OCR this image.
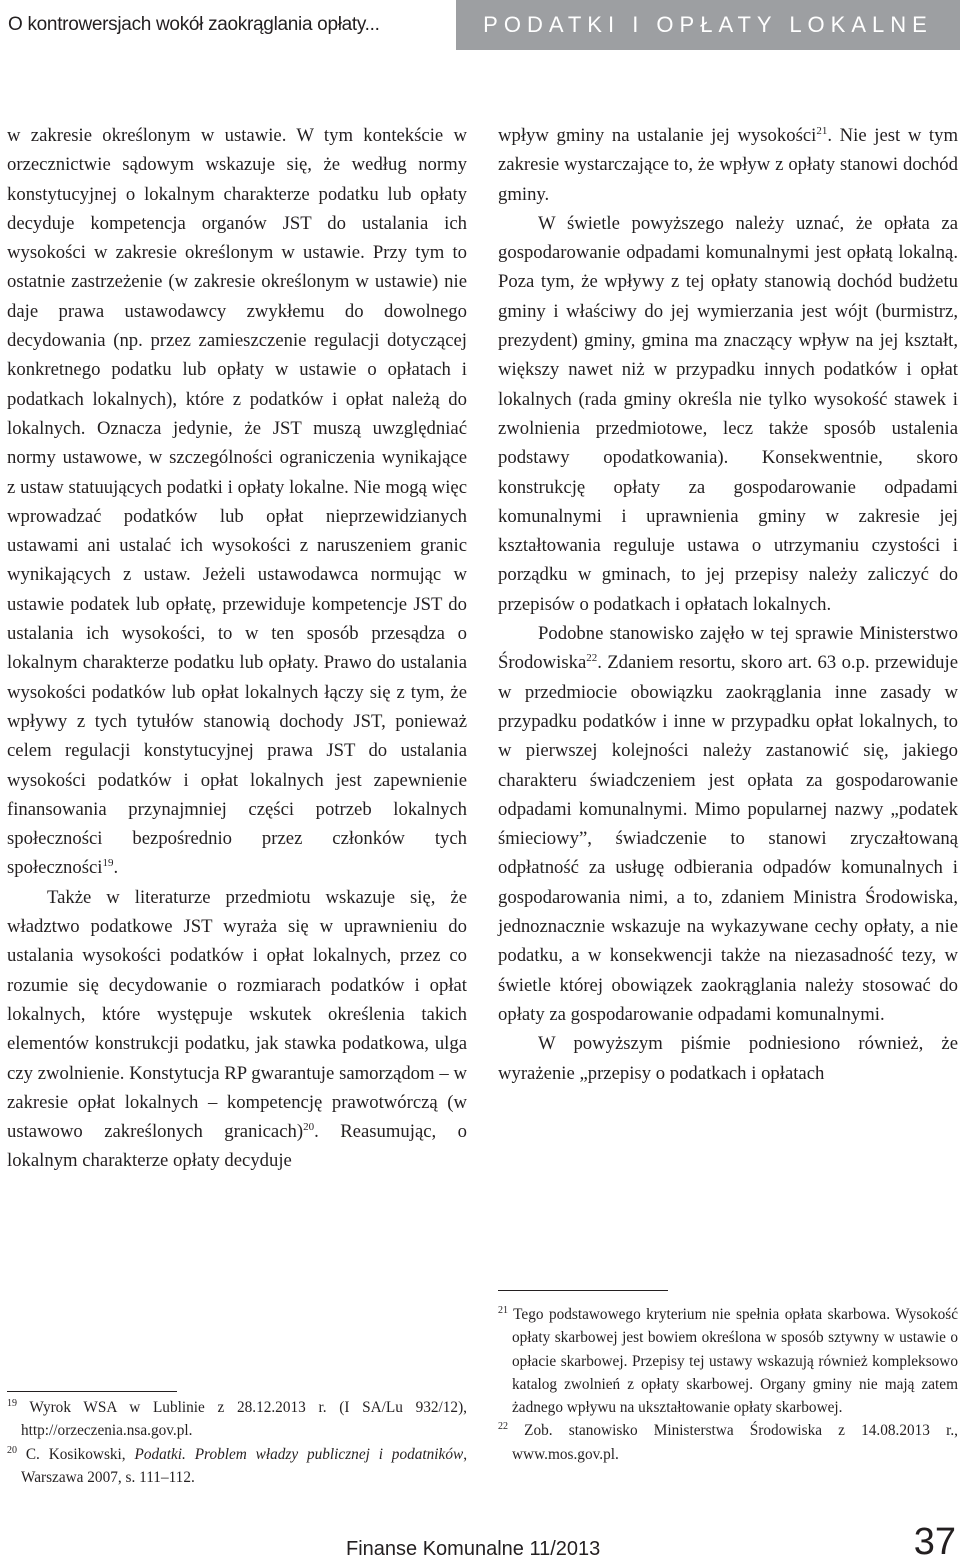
O kontrowersjach wokół zaokrąglania opłaty...	PODATKI I OPŁATY LOKALNE

w zakresie określonym w ustawie. W tym kontekście w orzecznictwie sądowym wskazuje się, że według normy konstytucyjnej o lokalnym charakterze podatku lub opłaty decyduje kompetencja organów JST do ustalania ich wysokości w zakresie określonym w ustawie. Przy tym to ostatnie zastrzeżenie (w zakresie określonym w ustawie) nie daje prawa ustawodawcy zwykłemu do dowolnego decydowania (np. przez zamieszczenie regulacji dotyczącej konkretnego podatku lub opłaty w ustawie o opłatach i podatkach lokalnych), które z podatków i opłat należą do lokalnych. Oznacza jedynie, że JST muszą uwzględniać normy ustawowe, w szczególności ograniczenia wynikające z ustaw statuujących podatki i opłaty lokalne. Nie mogą więc wprowadzać podatków lub opłat nieprzewidzianych ustawami ani ustalać ich wysokości z naruszeniem granic wynikających z ustaw. Jeżeli ustawodawca normując w ustawie podatek lub opłatę, przewiduje kompetencje JST do ustalania ich wysokości, to w ten sposób przesądza o lokalnym charakterze podatku lub opłaty. Prawo do ustalania wysokości podatków lub opłat lokalnych łączy się z tym, że wpływy z tych tytułów stanowią dochody JST, ponieważ celem regulacji konstytucyjnej prawa JST do ustalania wysokości podatków i opłat lokalnych jest zapewnienie finansowania przynajmniej części potrzeb lokalnych społeczności bezpośrednio przez członków tych społeczności$^{19}$.

Także w literaturze przedmiotu wskazuje się, że władztwo podatkowe JST wyraża się w uprawnieniu do ustalania wysokości podatków i opłat lokalnych, przez co rozumie się decydowanie o rozmiarach podatków i opłat lokalnych, które występuje wskutek określenia takich elementów konstrukcji podatku, jak stawka podatkowa, ulga czy zwolnienie. Konstytucja RP gwarantuje samorządom – w zakresie opłat lokalnych – kompetencję prawotwórczą (w ustawowo zakreślonych granicach)$^{20}$. Reasumując, o lokalnym charakterze opłaty decyduje

wpływ gminy na ustalanie jej wysokości$^{21}$. Nie jest w tym zakresie wystarczające to, że wpływ z opłaty stanowi dochód gminy.

W świetle powyższego należy uznać, że opłata za gospodarowanie odpadami komunalnymi jest opłatą lokalną. Poza tym, że wpływy z tej opłaty stanowią dochód budżetu gminy i właściwy do jej wymierzania jest wójt (burmistrz, prezydent) gminy, gmina ma znaczący wpływ na jej kształt, większy nawet niż w przypadku innych podatków i opłat lokalnych (rada gminy określa nie tylko wysokość stawek i zwolnienia przedmiotowe, lecz także sposób ustalenia podstawy opodatkowania). Konsekwentnie, skoro konstrukcję opłaty za gospodarowanie odpadami komunalnymi i uprawnienia gminy w zakresie jej kształtowania reguluje ustawa o utrzymaniu czystości i porządku w gminach, to jej przepisy należy zaliczyć do przepisów o podatkach i opłatach lokalnych.

Podobne stanowisko zajęło w tej sprawie Ministerstwo Środowiska$^{22}$. Zdaniem resortu, skoro art. 63 o.p. przewiduje w przedmiocie obowiązku zaokrąglania inne zasady w przypadku podatków i inne w przypadku opłat lokalnych, to w pierwszej kolejności należy zastanowić się, jakiego charakteru świadczeniem jest opłata za gospodarowanie odpadami komunalnymi. Mimo popularnej nazwy „podatek śmieciowy”, świadczenie to stanowi zryczałtowaną odpłatność za usługę odbierania odpadów komunalnych i gospodarowania nimi, a to, zdaniem Ministra Środowiska, jednoznacznie wskazuje na wykazywane cechy opłaty, a nie podatku, a w konsekwencji także na niezasadność tezy, w świetle której obowiązek zaokrąglania należy stosować do opłaty za gospodarowanie odpadami komunalnymi.

W powyższym piśmie podniesiono również, że wyrażenie „przepisy o podatkach i opłatach

$^{19}$ Wyrok WSA w Lublinie z 28.12.2013 r. (I SA/Lu 932/12), http://orzeczenia.nsa.gov.pl.

$^{20}$ C. Kosikowski, Podatki. Problem władzy publicznej i podatników, Warszawa 2007, s. 111–112.

$^{21}$ Tego podstawowego kryterium nie spełnia opłata skarbowa. Wysokość opłaty skarbowej jest bowiem określona w sposób sztywny w ustawie o opłacie skarbowej. Przepisy tej ustawy wskazują również kompleksowo katalog zwolnień z opłaty skarbowej. Organy gminy nie mają zatem żadnego wpływu na ukształtowanie opłaty skarbowej.

$^{22}$ Zob. stanowisko Ministerstwa Środowiska z 14.08.2013 r., www.mos.gov.pl.

Finanse Komunalne 11/2013	37
